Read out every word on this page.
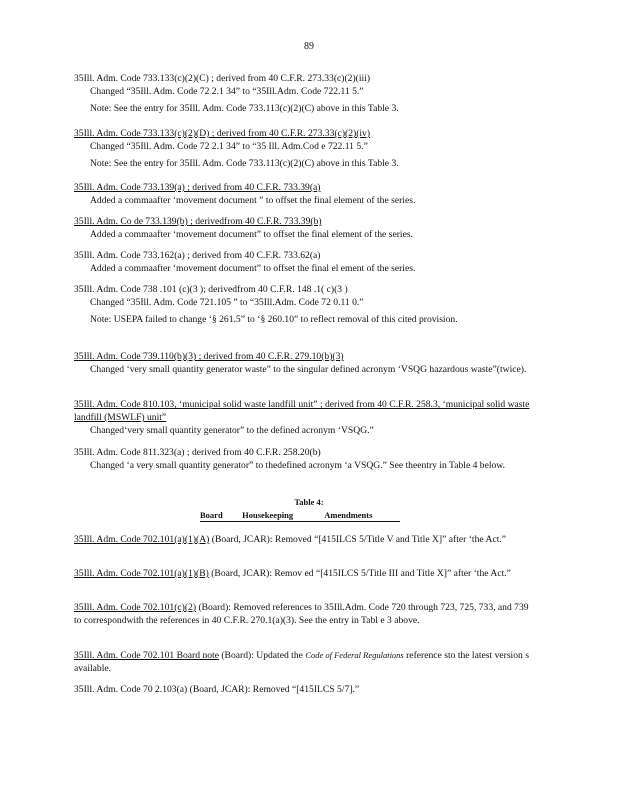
89
35Ill. Adm. Code 733.133(c)(2)(C) ; derived from 40 C.F.R. 273.33(c)(2)(iii)
Changed “35Ill. Adm. Code 72 2.1 34” to “35Ill.Adm. Code 722.11 5.”
Note: See the entry for 35Ill. Adm. Code 733.113(c)(2)(C) above in this Table 3.
35Ill. Adm. Code 733.133(c)(2)(D) ; derived from 40 C.F.R. 273.33(c)(2)(iv)
Changed “35Ill. Adm. Code 72 2.1 34” to “35 Ill. Adm.Cod e 722.11 5.”
Note: See the entry for 35Ill. Adm. Code 733.113(c)(2)(C) above in this Table 3.
35Ill. Adm. Code 733.139(a) ; derived from 40 C.F.R. 733.39(a)
Added a commaafter ‘movement document ” to offset the final element of the series.
35Ill. Adm. Co de 733.139(b) ; derivedfrom 40 C.F.R. 733.39(b)
Added a commaafter ‘movement document” to offset the final element of the series.
35Ill. Adm. Code 733.162(a) ; derived from 40 C.F.R. 733.62(a)
Added a commaafter ‘movement document” to offset the final el ement of the series.
35Ill. Adm. Code 738 .101 (c)(3 ); derivedfrom 40 C.F.R. 148 .1( c)(3 )
Changed “35Ill. Adm. Code 721.105 ” to “35Ill.Adm. Code 72 0.11 0.”
Note: USEPA failed to change ‘§ 261.5” to ‘§ 260.10” to reflect removal of this cited provision.
35Ill. Adm. Code 739.110(b)(3) ; derived from 40 C.F.R. 279.10(b)(3)
Changed ‘very small quantity generator waste” to the singular defined acronym ‘VSQG hazardous waste”(twice).
35Ill. Adm. Code 810.103, ‘municipal solid waste landfill unit” ; derived from 40 C.F.R. 258.3, ‘municipal solid waste landfill (MSWLF) unit”
Changed‘very small quantity generator” to the defined acronym ‘VSQG.”
35Ill. Adm. Code 811.323(a) ; derived from 40 C.F.R. 258.20(b)
Changed ‘a very small quantity generator” to thedefined acronym ‘a VSQG.” See theentry in Table 4 below.
Table 4:
Board Housekeeping	Amendments
35Ill. Adm. Code 702.101(a)(1)(A) (Board, JCAR): Removed “[415ILCS 5/Title V and Title X]” after ‘the Act.”
35Ill. Adm. Code 702.101(a)(1)(B) (Board, JCAR): Remov ed “[415ILCS 5/Title III and Title X]” after ‘the Act.”
35Ill. Adm. Code 702.101(c)(2) (Board): Removed references to 35Ill.Adm. Code 720 through 723, 725, 733, and 739 to correspondwith the references in 40 C.F.R. 270.1(a)(3). See the entry in Tabl e 3 above.
35Ill. Adm. Code 702.101 Board note (Board): Updated the Code of Federal Regulations reference sto the latest version s available.
35Ill. Adm. Code 70 2.103(a) (Board, JCAR): Removed “[415ILCS 5/7].”
